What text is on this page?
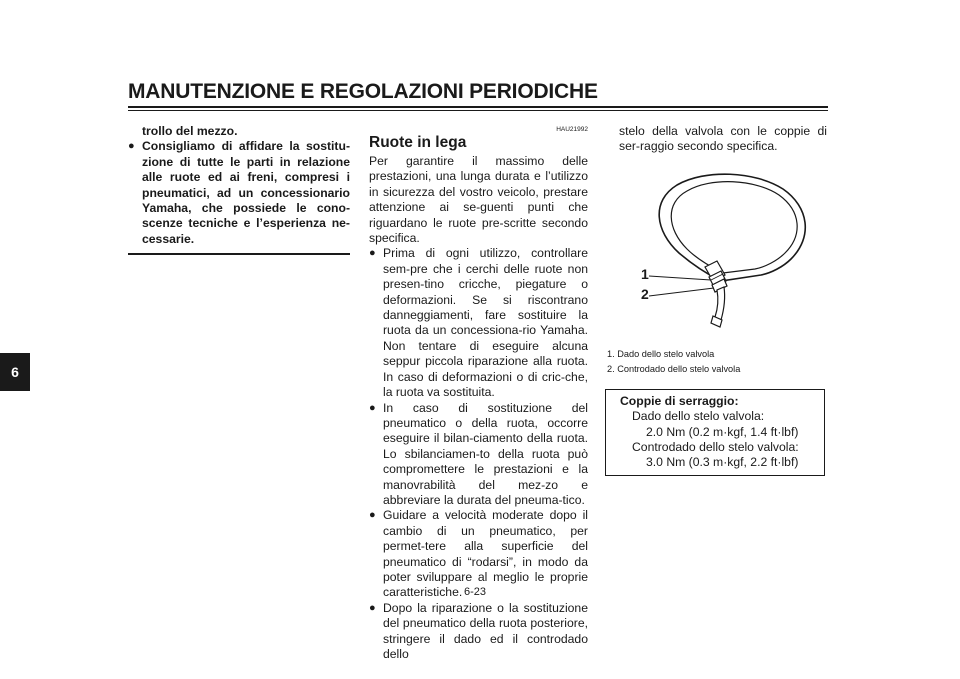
MANUTENZIONE E REGOLAZIONI PERIODICHE
6
trollo del mezzo.
● Consigliamo di affidare la sostitu-zione di tutte le parti in relazione alle ruote ed ai freni, compresi i pneumatici, ad un concessionario Yamaha, che possiede le cono-scenze tecniche e l’esperienza ne-cessarie.
HAU21992
Ruote in lega
Per garantire il massimo delle prestazioni, una lunga durata e l’utilizzo in sicurezza del vostro veicolo, prestare attenzione ai se-guenti punti che riguardano le ruote pre-scritte secondo specifica.
● Prima di ogni utilizzo, controllare sem-pre che i cerchi delle ruote non presen-tino cricche, piegature o deformazioni. Se si riscontrano danneggiamenti, fare sostituire la ruota da un concessiona-rio Yamaha. Non tentare di eseguire alcuna seppur piccola riparazione alla ruota. In caso di deformazioni o di cric-che, la ruota va sostituita.
● In caso di sostituzione del pneumatico o della ruota, occorre eseguire il bilan-ciamento della ruota. Lo sbilanciamen-to della ruota può compromettere le prestazioni e la manovrabilità del mez-zo e abbreviare la durata del pneuma-tico.
● Guidare a velocità moderate dopo il cambio di un pneumatico, per permet-tere alla superficie del pneumatico di “rodarsi”, in modo da poter sviluppare al meglio le proprie caratteristiche.
● Dopo la riparazione o la sostituzione del pneumatico della ruota posteriore, stringere il dado ed il controdado dello
stelo della valvola con le coppie di ser-raggio secondo specifica.
1
2
1. Dado dello stelo valvola
2. Controdado dello stelo valvola
Coppie di serraggio:
Dado dello stelo valvola:
2.0 Nm (0.2 m·kgf, 1.4 ft·lbf)
Controdado dello stelo valvola:
3.0 Nm (0.3 m·kgf, 2.2 ft·lbf)
6-23
